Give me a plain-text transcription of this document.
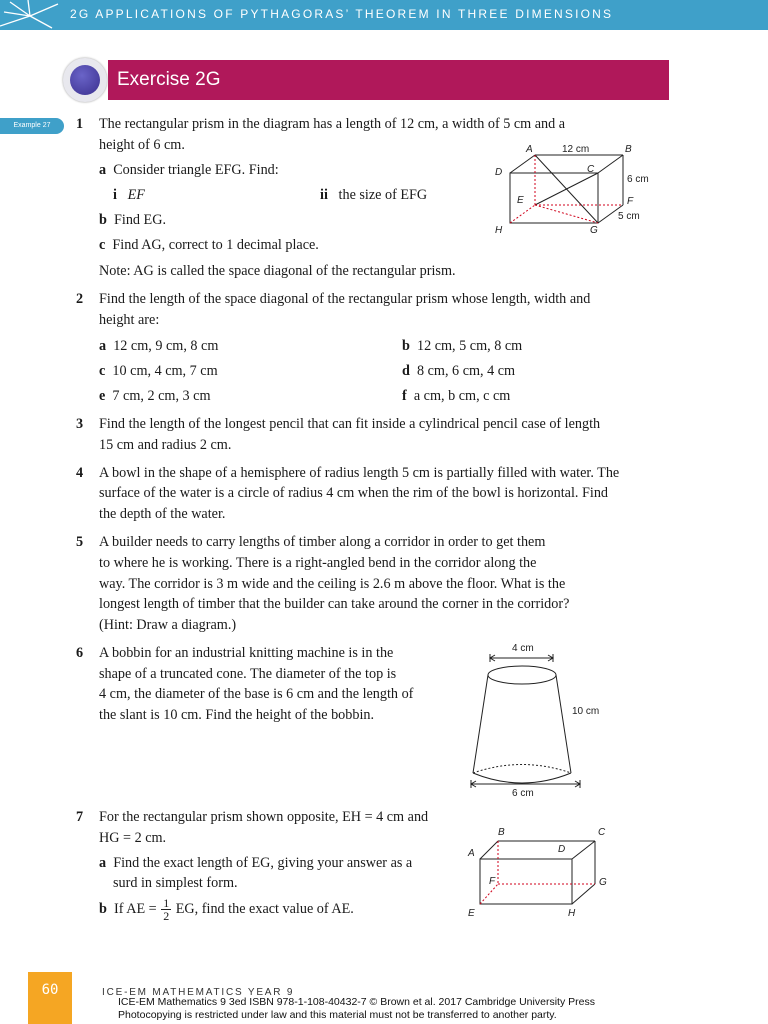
2G APPLICATIONS OF PYTHAGORAS’ THEOREM IN THREE DIMENSIONS
Exercise 2G
Example 27	1 The rectangular prism in the diagram has a length of 12 cm, a width of 5 cm and a
height of 6 cm.
a Consider triangle EFG. Find:
i EF	ii the size of EFG
b Find EG.
c Find AG, correct to 1 decimal place.
Note: AG is called the space diagonal of the rectangular prism.
A	12 cm	B
D	C
6 cm
E	F
5 cm
H	G
2 Find the length of the space diagonal of the rectangular prism whose length, width and
height are:
a 12 cm, 9 cm, 8 cm	b 12 cm, 5 cm, 8 cm
c 10 cm, 4 cm, 7 cm	d 8 cm, 6 cm, 4 cm
e 7 cm, 2 cm, 3 cm	f a cm, b cm, c cm
3 Find the length of the longest pencil that can fit inside a cylindrical pencil case of length
15 cm and radius 2 cm.
4 A bowl in the shape of a hemisphere of radius length 5 cm is partially filled with water. The
surface of the water is a circle of radius 4 cm when the rim of the bowl is horizontal. Find
the depth of the water.
5 A builder needs to carry lengths of timber along a corridor in order to get them
to where he is working. There is a right-angled bend in the corridor along the
way. The corridor is 3 m wide and the ceiling is 2.6 m above the floor. What is the
longest length of timber that the builder can take around the corner in the corridor?
(Hint: Draw a diagram.)
6 A bobbin for an industrial knitting machine is in the
shape of a truncated cone. The diameter of the top is
4 cm, the diameter of the base is 6 cm and the length of
the slant is 10 cm. Find the height of the bobbin.
4 cm
10 cm
6 cm
7 For the rectangular prism shown opposite, EH = 4 cm and
HG = 2 cm.
a Find the exact length of EG, giving your answer as a
surd in simplest form.
b If AE = $\frac{1}{2}$ EG, find the exact value of AE.
B	C
A	D
F	G
E	H
60	ICE-EM MATHEMATICS YEAR 9
ICE-EM Mathematics 9 3ed ISBN 978-1-108-40432-7 © Brown et al. 2017 Cambridge University Press
Photocopying is restricted under law and this material must not be transferred to another party.
